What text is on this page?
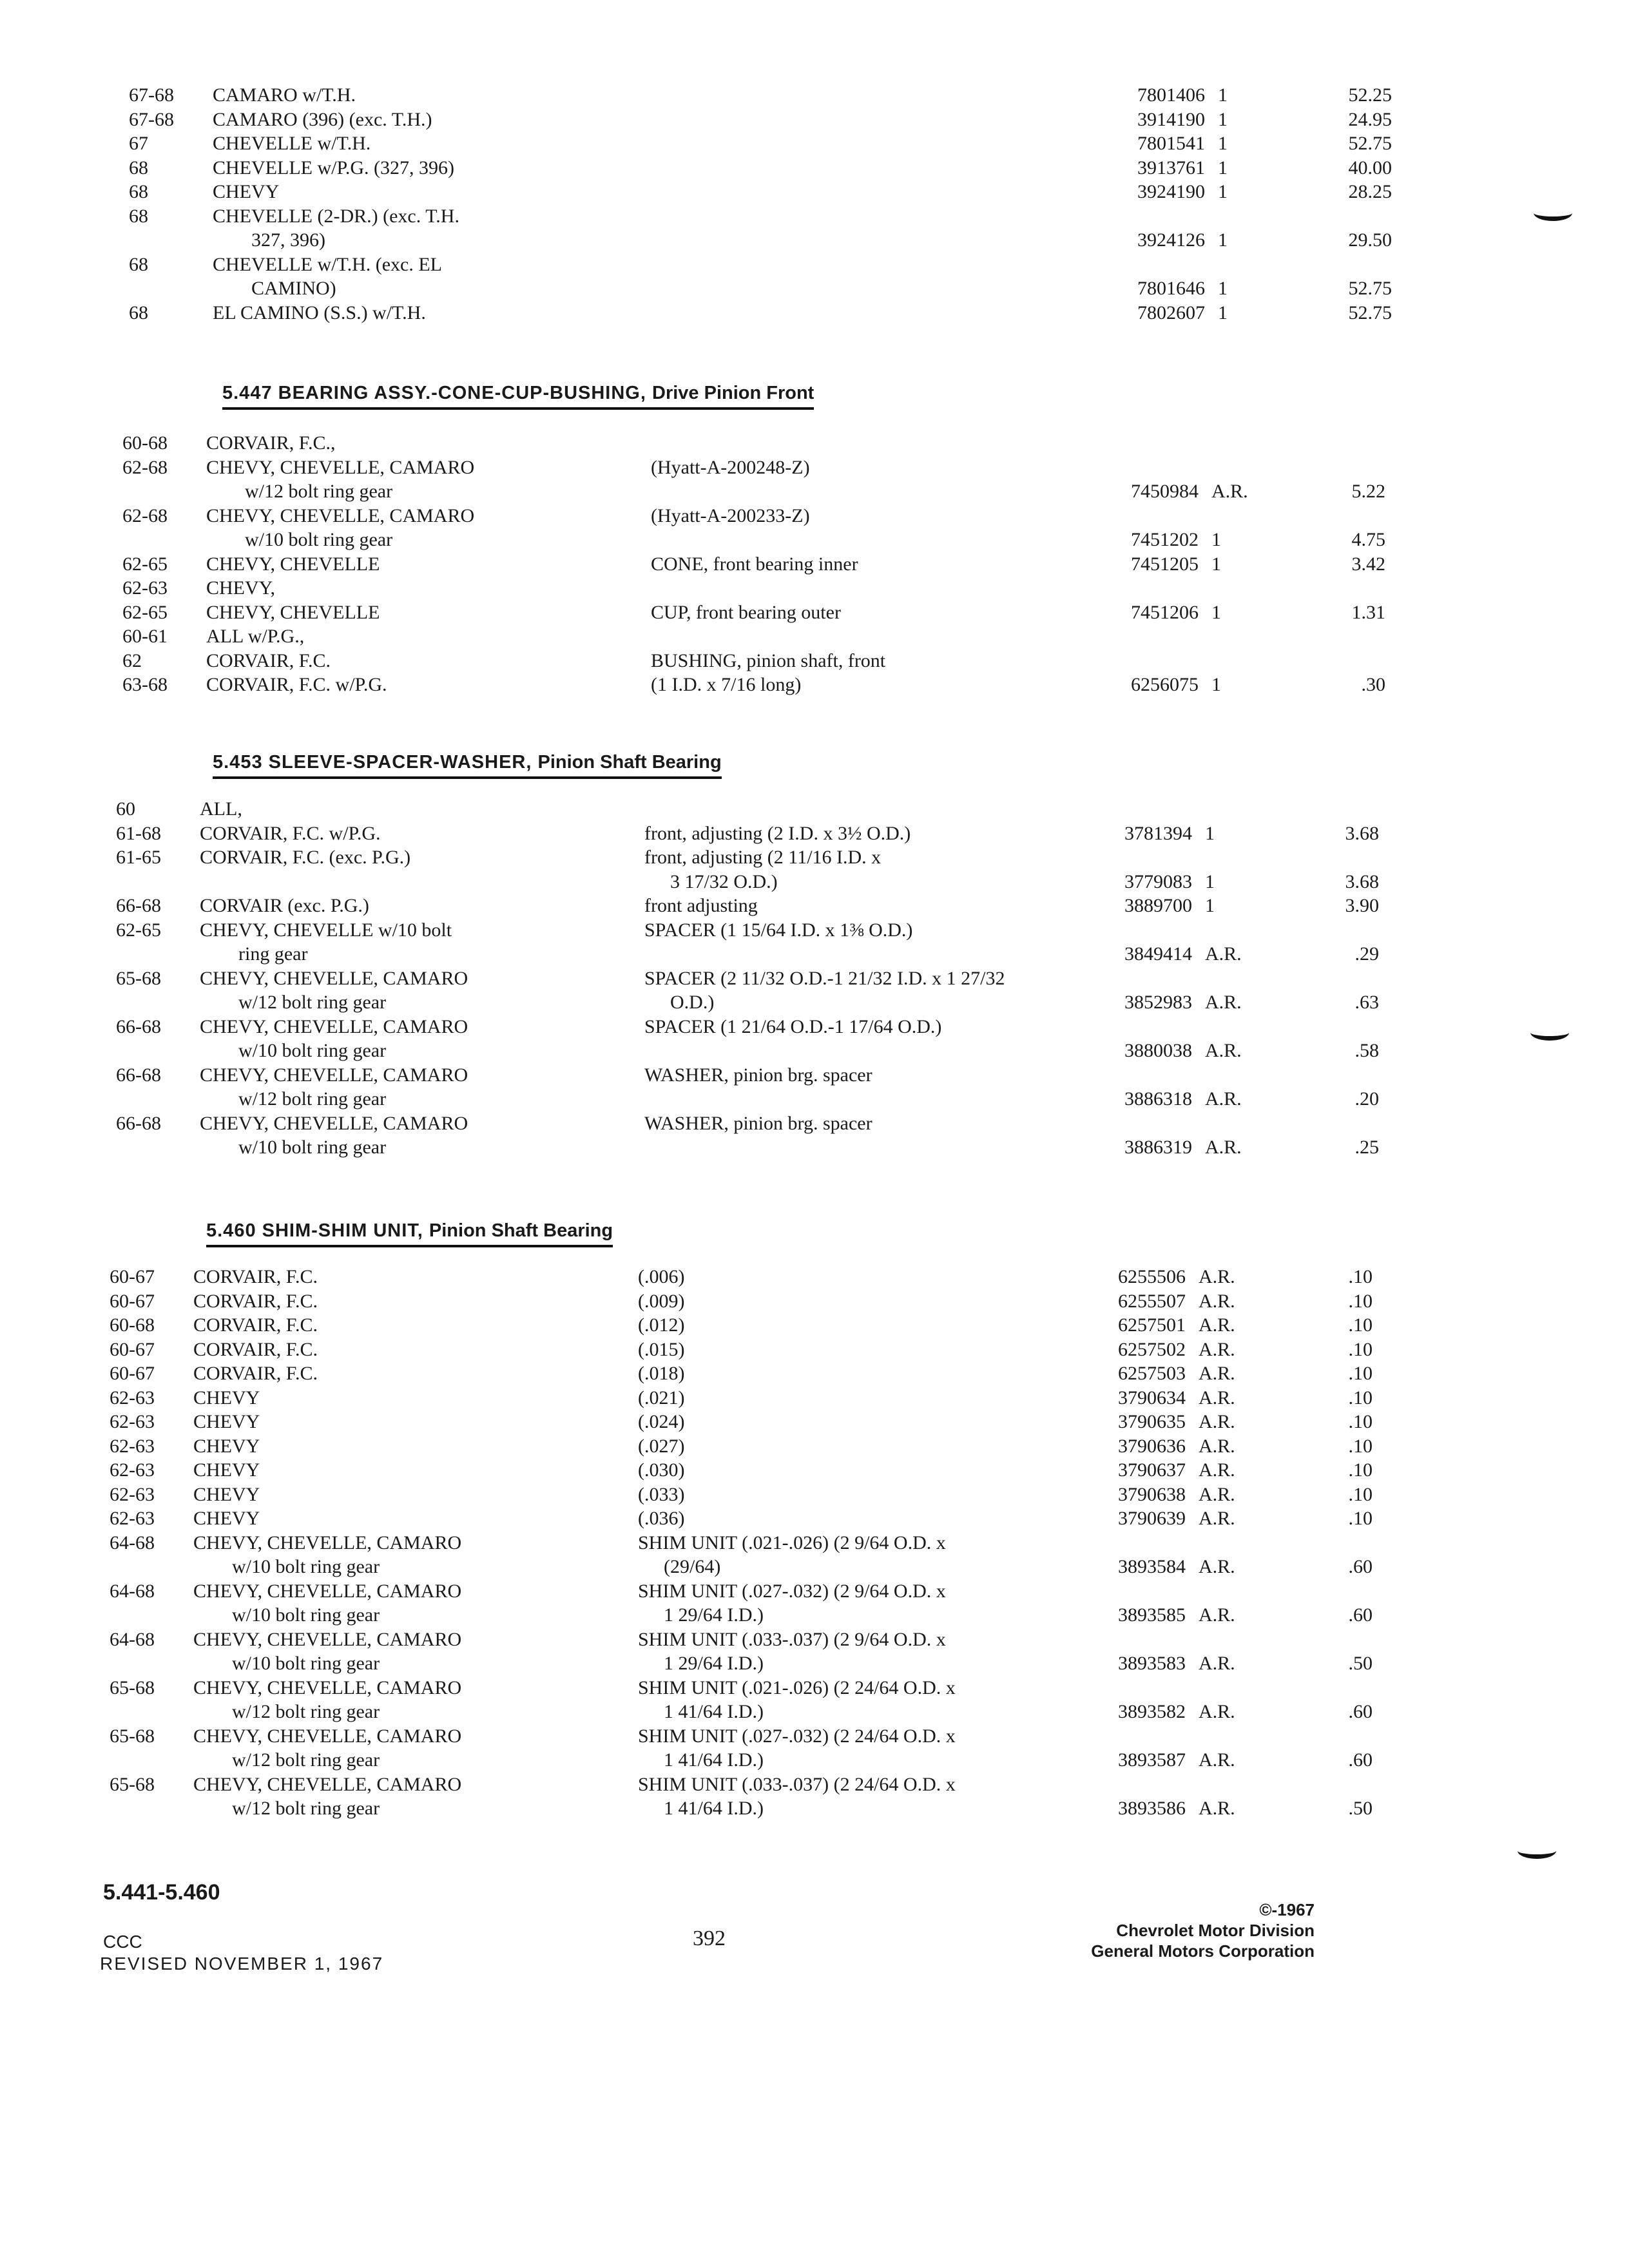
67-68 CAMARO w/T.H.	7801406 1	52.25
67-68 CAMARO (396) (exc. T.H.)	3914190 1	24.95
67	CHEVELLE w/T.H.	7801541 1	52.75
68	CHEVELLE w/P.G. (327, 396)	3913761 1	40.00
68	CHEVY	3924190 1	28.25
68	CHEVELLE (2-DR.) (exc. T.H.
327, 396)	3924126 1	29.50
68	CHEVELLE w/T.H. (exc. EL
CAMINO)	7801646 1	52.75
68	EL CAMINO (S.S.) w/T.H.	7802607 1	52.75
5.447 BEARING ASSY.-CONE-CUP-BUSHING, Drive Pinion Front
60-68 CORVAIR, F.C.,
62-68 CHEVY, CHEVELLE, CAMARO	(Hyatt-A-200248-Z)
w/12 bolt ring gear	7450984 A.R.	5.22
62-68 CHEVY, CHEVELLE, CAMARO	(Hyatt-A-200233-Z)
w/10 bolt ring gear	7451202 1	4.75
62-65 CHEVY, CHEVELLE	CONE, front bearing inner	7451205 1	3.42
62-63 CHEVY,
62-65 CHEVY, CHEVELLE	CUP, front bearing outer	7451206 1	1.31
60-61 ALL w/P.G.,
62	CORVAIR, F.C.	BUSHING, pinion shaft, front
63-68 CORVAIR, F.C. w/P.G.	(1 I.D. x 7/16 long)	6256075 1	.30
5.453 SLEEVE-SPACER-WASHER, Pinion Shaft Bearing
60	ALL,
61-68 CORVAIR, F.C. w/P.G.	front, adjusting (2 I.D. x 3½ O.D.)	3781394 1	3.68
61-65 CORVAIR, F.C. (exc. P.G.)	front, adjusting (2 11/16 I.D. x
3 17/32 O.D.)	3779083 1	3.68
66-68 CORVAIR (exc. P.G.)	front adjusting	3889700 1	3.90
62-65 CHEVY, CHEVELLE w/10 bolt	SPACER (1 15/64 I.D. x 1⅜ O.D.)
ring gear	3849414 A.R.	.29
65-68 CHEVY, CHEVELLE, CAMARO	SPACER (2 11/32 O.D.-1 21/32 I.D. x 1 27/32
w/12 bolt ring gear	O.D.)	3852983 A.R.	.63
66-68 CHEVY, CHEVELLE, CAMARO	SPACER (1 21/64 O.D.-1 17/64 O.D.)
w/10 bolt ring gear	3880038 A.R.	.58
66-68 CHEVY, CHEVELLE, CAMARO	WASHER, pinion brg. spacer
w/12 bolt ring gear	3886318 A.R.	.20
66-68 CHEVY, CHEVELLE, CAMARO	WASHER, pinion brg. spacer
w/10 bolt ring gear	3886319 A.R.	.25
5.460 SHIM-SHIM UNIT, Pinion Shaft Bearing
60-67 CORVAIR, F.C.	(.006)	6255506 A.R.	.10
60-67 CORVAIR, F.C.	(.009)	6255507 A.R.	.10
60-68 CORVAIR, F.C.	(.012)	6257501 A.R.	.10
60-67 CORVAIR, F.C.	(.015)	6257502 A.R.	.10
60-67 CORVAIR, F.C.	(.018)	6257503 A.R.	.10
62-63 CHEVY	(.021)	3790634 A.R.	.10
62-63 CHEVY	(.024)	3790635 A.R.	.10
62-63 CHEVY	(.027)	3790636 A.R.	.10
62-63 CHEVY	(.030)	3790637 A.R.	.10
62-63 CHEVY	(.033)	3790638 A.R.	.10
62-63 CHEVY	(.036)	3790639 A.R.	.10
64-68 CHEVY, CHEVELLE, CAMARO	SHIM UNIT (.021-.026) (2 9/64 O.D. x
w/10 bolt ring gear	(29/64)	3893584 A.R.	.60
64-68 CHEVY, CHEVELLE, CAMARO	SHIM UNIT (.027-.032) (2 9/64 O.D. x
w/10 bolt ring gear	1 29/64 I.D.)	3893585 A.R.	.60
64-68 CHEVY, CHEVELLE, CAMARO	SHIM UNIT (.033-.037) (2 9/64 O.D. x
w/10 bolt ring gear	1 29/64 I.D.)	3893583 A.R.	.50
65-68 CHEVY, CHEVELLE, CAMARO	SHIM UNIT (.021-.026) (2 24/64 O.D. x
w/12 bolt ring gear	1 41/64 I.D.)	3893582 A.R.	.60
65-68 CHEVY, CHEVELLE, CAMARO	SHIM UNIT (.027-.032) (2 24/64 O.D. x
w/12 bolt ring gear	1 41/64 I.D.)	3893587 A.R.	.60
65-68 CHEVY, CHEVELLE, CAMARO	SHIM UNIT (.033-.037) (2 24/64 O.D. x
w/12 bolt ring gear	1 41/64 I.D.)	3893586 A.R.	.50
5.441-5.460
CCC
REVISED NOVEMBER 1, 1967
392
©-1967
Chevrolet Motor Division
General Motors Corporation
